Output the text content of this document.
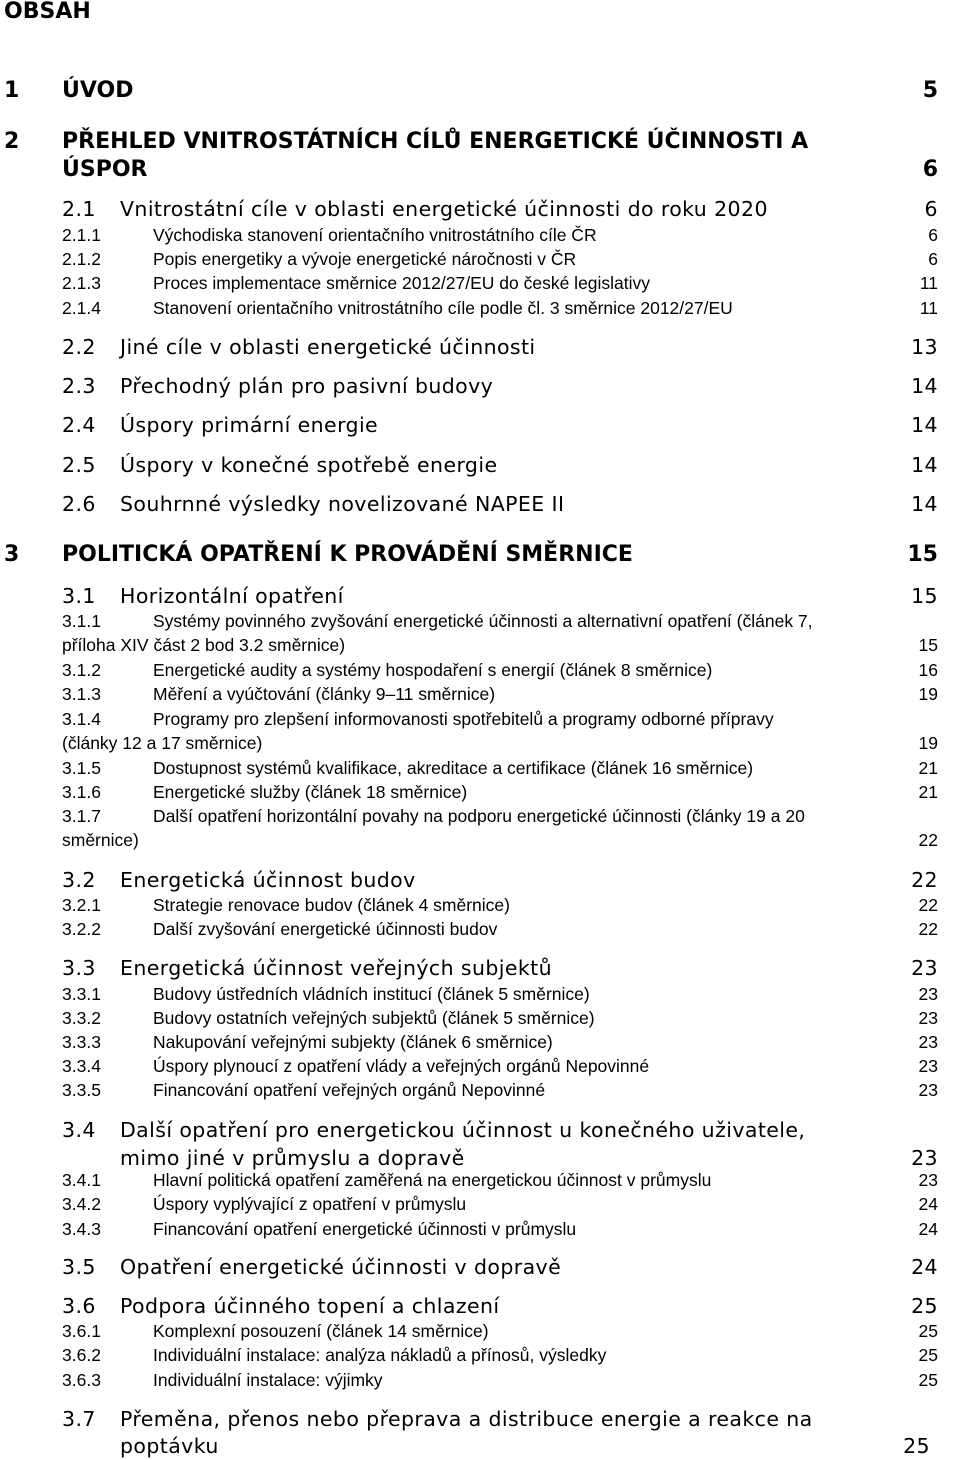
OBSAH
1 ÚVOD	5
2 PŘEHLED VNITROSTÁTNÍCH CÍLŮ ENERGETICKÉ ÚČINNOSTI A
ÚSPOR	6
2.1 Vnitrostátní cíle v oblasti energetické účinnosti do roku 2020	6
2.1.1	Východiska stanovení orientačního vnitrostátního cíle ČR	6
2.1.2	Popis energetiky a vývoje energetické náročnosti v ČR	6
2.1.3	Proces implementace směrnice 2012/27/EU do české legislativy	11
2.1.4	Stanovení orientačního vnitrostátního cíle podle čl. 3 směrnice 2012/27/EU	11
2.2 Jiné cíle v oblasti energetické účinnosti	13
2.3 Přechodný plán pro pasivní budovy	14
2.4 Úspory primární energie	14
2.5 Úspory v konečné spotřebě energie	14
2.6 Souhrnné výsledky novelizované NAPEE II	14
3 POLITICKÁ OPATŘENÍ K PROVÁDĚNÍ SMĚRNICE	15
3.1 Horizontální opatření	15
3.1.1	Systémy povinného zvyšování energetické účinnosti a alternativní opatření (článek 7,
příloha XIV část 2 bod 3.2 směrnice)	15
3.1.2	Energetické audity a systémy hospodaření s energií (článek 8 směrnice)	16
3.1.3	Měření a vyúčtování (články 9–11 směrnice)	19
3.1.4	Programy pro zlepšení informovanosti spotřebitelů a programy odborné přípravy
(články 12 a 17 směrnice)	19
3.1.5	Dostupnost systémů kvalifikace, akreditace a certifikace (článek 16 směrnice)	21
3.1.6	Energetické služby (článek 18 směrnice)	21
3.1.7	Další opatření horizontální povahy na podporu energetické účinnosti (články 19 a 20
směrnice)	22
3.2 Energetická účinnost budov	22
3.2.1	Strategie renovace budov (článek 4 směrnice)	22
3.2.2	Další zvyšování energetické účinnosti budov	22
3.3 Energetická účinnost veřejných subjektů	23
3.3.1	Budovy ústředních vládních institucí (článek 5 směrnice)	23
3.3.2	Budovy ostatních veřejných subjektů (článek 5 směrnice)	23
3.3.3	Nakupování veřejnými subjekty (článek 6 směrnice)	23
3.3.4	Úspory plynoucí z opatření vlády a veřejných orgánů Nepovinné	23
3.3.5	Financování opatření veřejných orgánů Nepovinné	23
3.4 Další opatření pro energetickou účinnost u konečného uživatele,
mimo jiné v průmyslu a dopravě	23
3.4.1	Hlavní politická opatření zaměřená na energetickou účinnost v průmyslu	23
3.4.2	Úspory vyplývající z opatření v průmyslu	24
3.4.3	Financování opatření energetické účinnosti v průmyslu	24
3.5 Opatření energetické účinnosti v dopravě	24
3.6 Podpora účinného topení a chlazení	25
3.6.1	Komplexní posouzení (článek 14 směrnice)	25
3.6.2	Individuální instalace: analýza nákladů a přínosů, výsledky	25
3.6.3	Individuální instalace: výjimky	25
3.7 Přeměna, přenos nebo přeprava a distribuce energie a reakce na
poptávku	25
